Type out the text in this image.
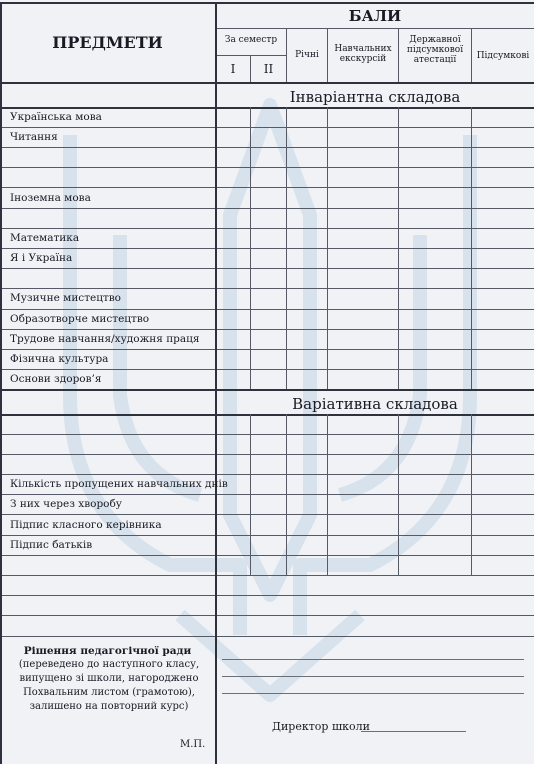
ПРЕДМЕТИ
БАЛИ
За семестр
I	II
Річні
Навчальних
екскурсій
Державної
підсумкової
атестації	Підсумкові
Інваріантна складова
Українська мова
Читання
Іноземна мова
Математика
Я і Україна
Музичне мистецтво
Образотворче мистецтво
Трудове навчання/художня праця
Фізична культура
Основи здоров’я
Варіативна складова
Кількість пропущених навчальних днів
З них через хворобу
Підпис класного керівника
Підпис батьків
Рішення педагогічної ради
(переведено до наступного класу,
випущено зі школи, нагороджено
Похвальним листом (грамотою),
залишено на повторний курс)
Директор школи
М.П.
